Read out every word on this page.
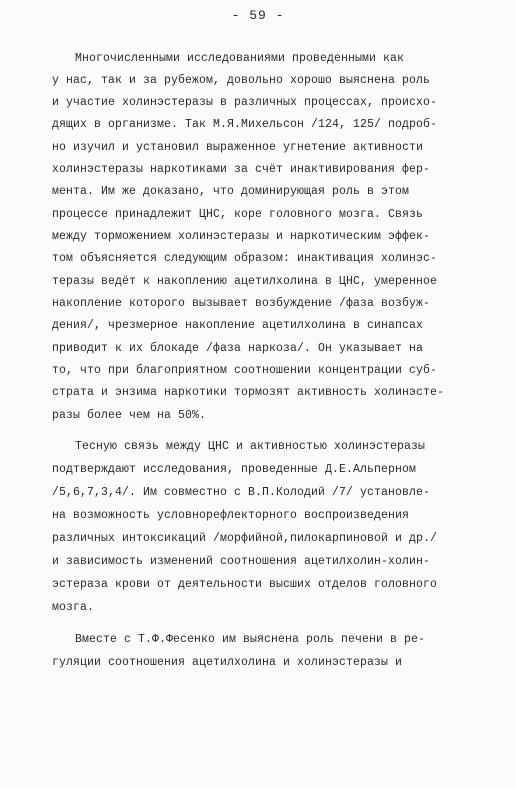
- 59 -
Многочисленными исследованиями проведенными как
у нас, так и за рубежом, довольно хорошо выяснена роль
и участие холинэстеразы в различных процессах, происхо-
дящих в организме. Так М.Я.Михельсон /124, 125/ подроб-
но изучил и установил выраженное угнетение активности
холинэстеразы наркотиками за счёт инактивирования фер-
мента. Им же доказано, что доминирующая роль в этом
процессе принадлежит ЦНС, коре головного мозга. Связь
между торможением холинэстеразы и наркотическим эффек-
том объясняется следующим образом: инактивация холинэс-
теразы ведёт к накоплению ацетилхолина в ЦНС, умеренное
накопление которого вызывает возбуждение /фаза возбуж-
дения/, чрезмерное накопление ацетилхолина в синапсах
приводит к их блокаде /фаза наркоза/. Он указывает на
то, что при благоприятном соотношении концентрации суб-
страта и энзима наркотики тормозят активность холинэсте-
разы более чем на 50%.
Тесную связь между ЦНС и активностью холинэстеразы
подтверждают исследования, проведенные Д.Е.Альперном
/5,6,7,3,4/. Им совместно с В.П.Колодий /7/ установле-
на возможность условнорефлекторного воспроизведения
различных интоксикаций /морфийной,пилокарпиновой и др./
и зависимость изменений соотношения ацетилхолин-холин-
эстераза крови от деятельности высших отделов головного
мозга.
Вместе с Т.Ф.Фесенко им выяснена роль печени в ре-
гуляции соотношения ацетилхолина и холинэстеразы и
